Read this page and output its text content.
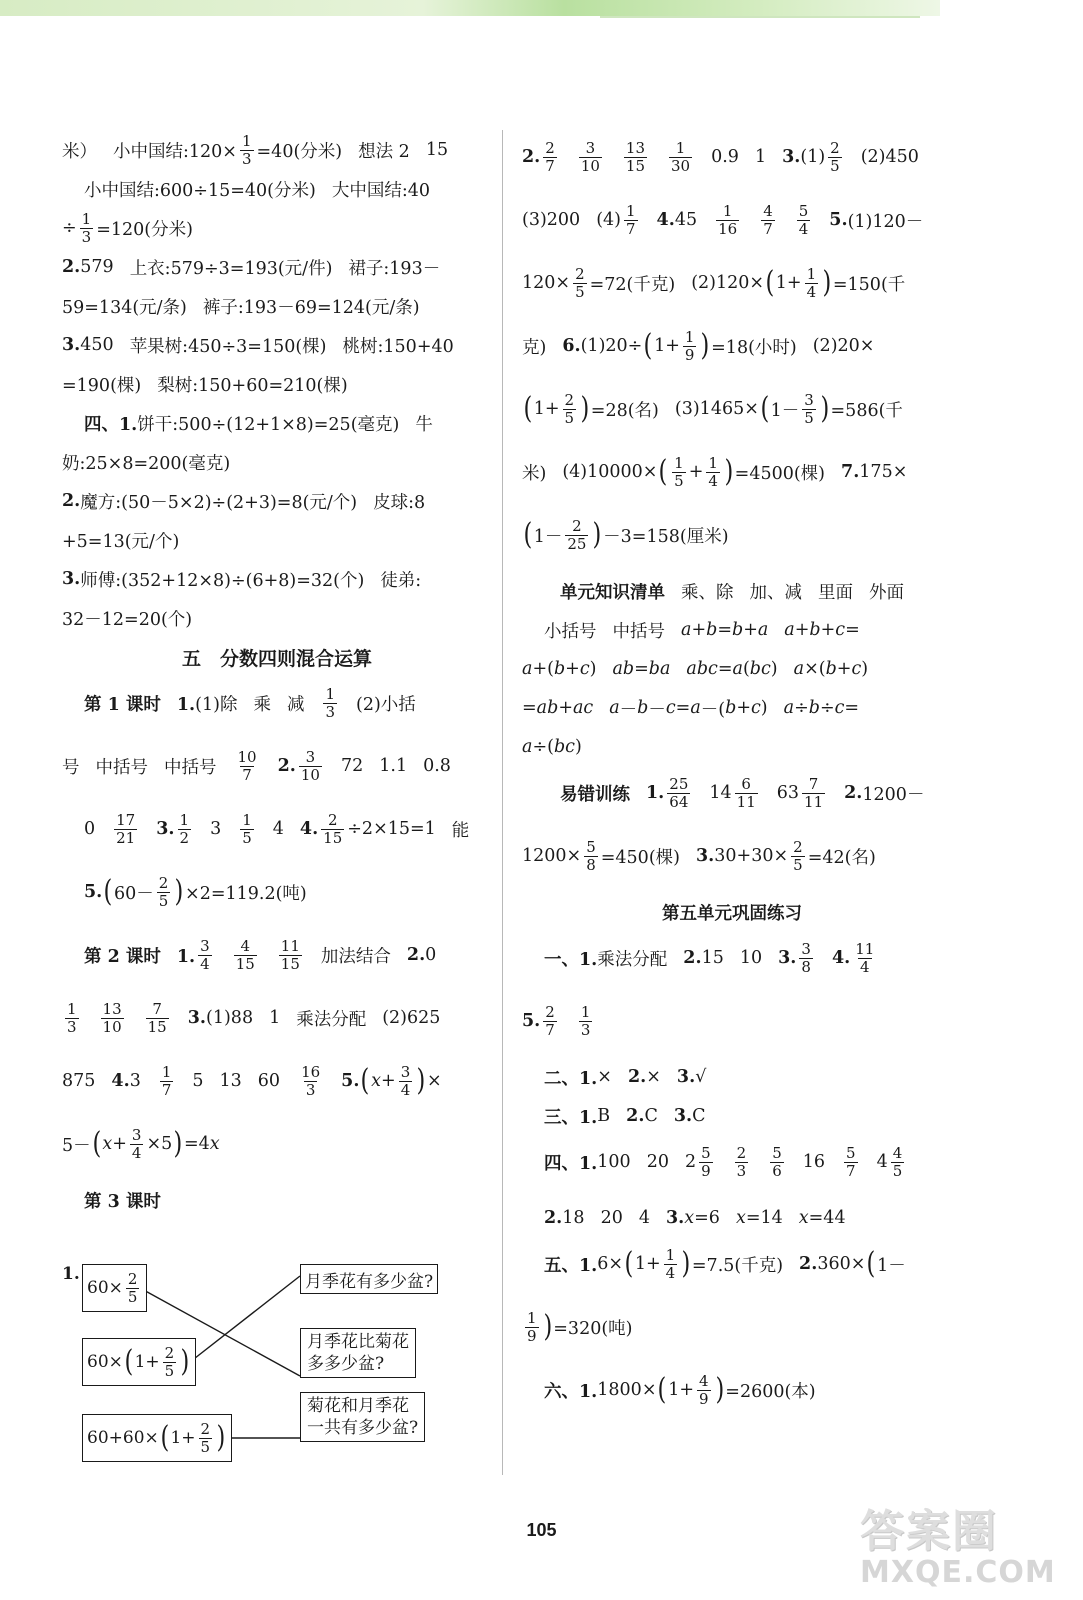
米） 小中国结:120× $\frac{1}{3} =40$(分米) 想法 2 15
小中国结:600÷15=40(分米) 大中国结:40
÷ $\frac{1}{3} =120$(分米)
2. 579 上衣:579÷3=193(元/件) 裙子:193－
59=134(元/条) 裤子:193－69=124(元/条)
3. 450 苹果树:450÷3=150(棵) 桃树:150+40
=190(棵) 梨树:150+60=210(棵)
四、1. 饼干:500÷(12+1×8)=25(毫克) 牛
奶:25×8=200(毫克)
2. 魔方:(50－5×2)÷(2+3)=8(元/个) 皮球:8
+5=13(元/个)
3. 师傅:(352+12×8)÷(6+8)=32(个) 徒弟:
32－12=20(个)
五　分数四则混合运算
第 1 课时 1. (1)除 乘 减 $\frac{1}{3} (2)$小括
号 中括号 中括号 $\frac{10}{7} 2$. $\frac{3}{10} 72$ 1.1 0.8
$0 \frac{17}{21} 3$. $\frac{1}{2} 3 \frac{1}{5} 4$ 4. $\frac{2}{15} \div 2\times 15=1$ 能
5. ( $60- \frac{2}{5}$ ) ×2=119.2(吨)
第 2 课时 1. $\frac{3}{4} \frac{4}{15} \frac{11}{15}$ 加法结合 2. 0
$\frac{1}{3} \frac{13}{10} \frac{7}{15} 3$. (1)88 1 乘法分配 (2)625
875 4. $3 \frac{1}{7} 5$ 13 $60 \frac{16}{3} 5$. ( $x + \frac{3}{4}$ ) ×
5－ ( $x + \frac{3}{4} \times 5$ ) =4 x
第 3 课时
1.
$60\times \frac{2}{5}$
60× ( $1+ \frac{2}{5}$ )
60+60× ( $1+ \frac{2}{5}$ )
月季花有多少盆?
月季花比菊花
多多少盆?
菊花和月季花
一共有多少盆?
2. $\frac{2}{7} \frac{3}{10} \frac{13}{15} \frac{1}{30} 0.9$ 1 3. $(1) \frac{2}{5} (2)450$
(3)200 $(4) \frac{1}{7} 4$. $45 \frac{1}{16} \frac{4}{7} \frac{5}{4} 5$. (1)120－
$120\times \frac{2}{5} =72$(千克) (2)120× ( $1+ \frac{1}{4}$ ) =150(千
克) 6. (1)20÷ ( $1+ \frac{1}{9}$ ) =18(小时) (2)20×
( $1+ \frac{2}{5}$ ) =28(名) (3)1465× ( $1- \frac{3}{5}$ ) =586(千
米) (4)10000× ( $\frac{1}{5} + \frac{1}{4}$ ) =4500(棵) 7. 175×
( $1- \frac{2}{25}$ ) －3=158(厘米)
单元知识清单 乘、除 加、减 里面 外面
小括号 中括号 a + b = b + a a + b + c =
a +( b + c ) ab = ba abc = a ( bc ) a ×( b + c )
= ab + ac a － b － c = a －( b + c ) a ÷ b ÷ c =
a ÷( bc )
易错训练 1. $\frac{25}{64} 14 \frac{6}{11} 63 \frac{7}{11} 2$. 1200－
$1200\times \frac{5}{8} =450$(棵) 3. $30+30\times \frac{2}{5} =42$(名)
第五单元巩固练习
一、1. 乘法分配 2. 15 10 3. $\frac{3}{8} 4$. $\frac{11}{4}$
5. $\frac{2}{7} \frac{1}{3}$
二、1. × 2. × 3. √
三、1. B 2. C 3. C
四、1. 100 20 $2 \frac{5}{9} \frac{2}{3} \frac{5}{6} 16 \frac{5}{7} 4 \frac{4}{5}$
2. 18 20 4 3. x =6 x =14 x =44
五、1. 6× ( $1+ \frac{1}{4}$ ) =7.5(千克) 2. 360× ( 1－
$\frac{1}{9}$ ) =320(吨)
六、1. 1800× ( $1+ \frac{4}{9}$ ) =2600(本)
105	答案圈
MXQE.COM
